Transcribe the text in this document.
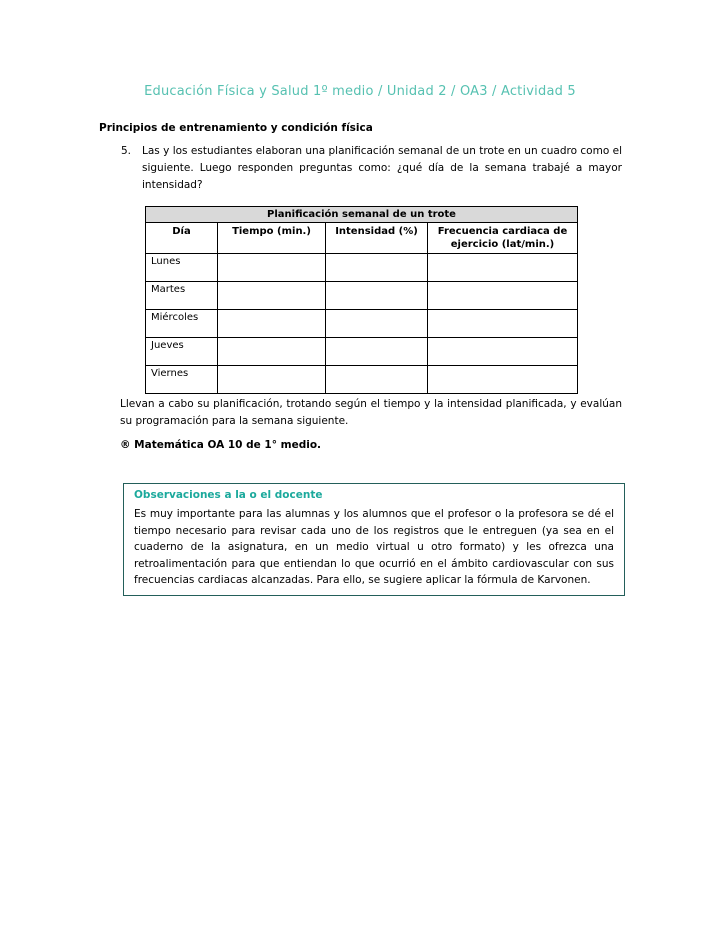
Educación Física y Salud 1º medio / Unidad 2 / OA3 / Actividad 5
Principios de entrenamiento y condición física
5.	Las y los estudiantes elaboran una planificación semanal de un trote en un cuadro como el siguiente. Luego responden preguntas como: ¿qué día de la semana trabajé a mayor intensidad?
Planificación semanal de un trote			
Día	Tiempo (min.)	Intensidad (%)	Frecuencia cardiaca de ejercicio (lat/min.)
Lunes			
Martes			
Miércoles			
Jueves			
Viernes			
Llevan a cabo su planificación, trotando según el tiempo y la intensidad planificada, y evalúan su programación para la semana siguiente.
® Matemática OA 10 de 1° medio.
Observaciones a la o el docente
Es muy importante para las alumnas y los alumnos que el profesor o la profesora se dé el tiempo necesario para revisar cada uno de los registros que le entreguen (ya sea en el cuaderno de la asignatura, en un medio virtual u otro formato) y les ofrezca una retroalimentación para que entiendan lo que ocurrió en el ámbito cardiovascular con sus frecuencias cardiacas alcanzadas. Para ello, se sugiere aplicar la fórmula de Karvonen.
